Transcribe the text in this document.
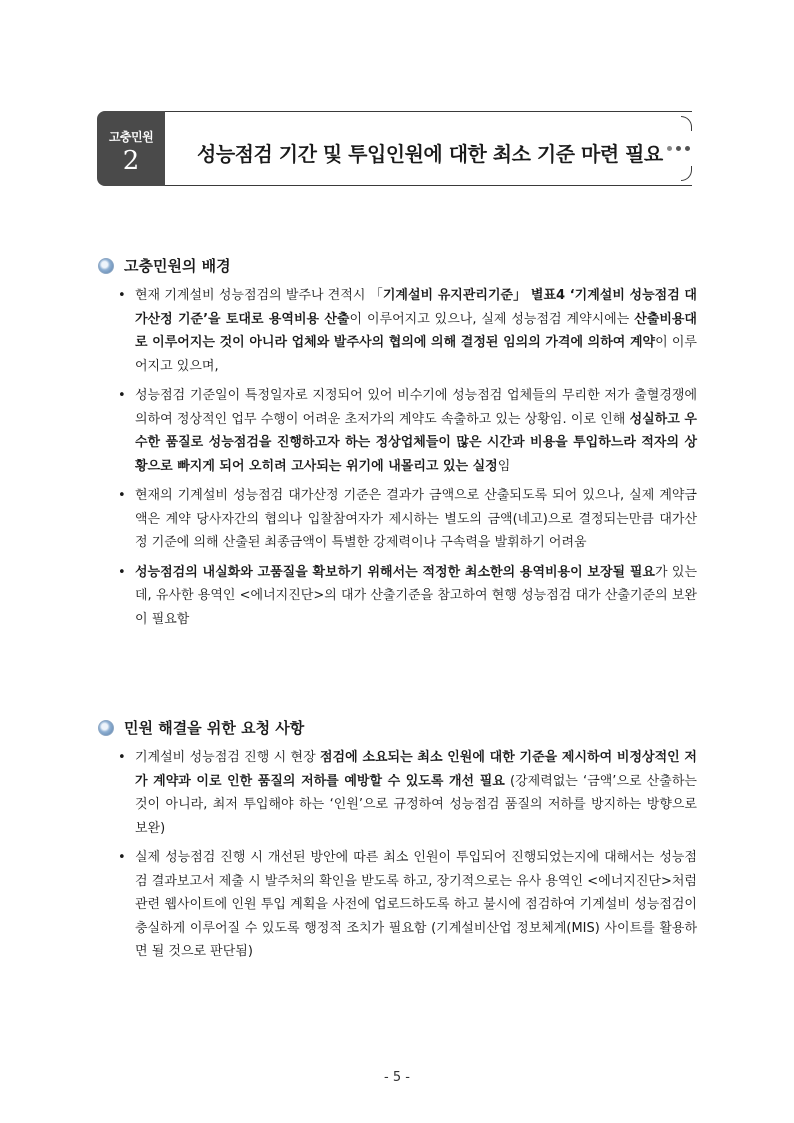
고충민원
2	성능점검 기간 및 투입인원에 대한 최소 기준 마련 필요
고충민원의 배경
• 현재 기계설비 성능점검의 발주나 견적시 「기계설비 유지관리기준」 별표4 ‘기계설비 성능점검 대가산정 기준’을 토대로 용역비용 산출이 이루어지고 있으나, 실제 성능점검 계약시에는 산출비용대로 이루어지는 것이 아니라 업체와 발주사의 협의에 의해 결정된 임의의 가격에 의하여 계약이 이루어지고 있으며,
• 성능점검 기준일이 특정일자로 지정되어 있어 비수기에 성능점검 업체들의 무리한 저가 출혈경쟁에 의하여 정상적인 업무 수행이 어려운 초저가의 계약도 속출하고 있는 상황임. 이로 인해 성실하고 우수한 품질로 성능점검을 진행하고자 하는 정상업체들이 많은 시간과 비용을 투입하느라 적자의 상황으로 빠지게 되어 오히려 고사되는 위기에 내몰리고 있는 실정임
• 현재의 기계설비 성능점검 대가산정 기준은 결과가 금액으로 산출되도록 되어 있으나, 실제 계약금액은 계약 당사자간의 협의나 입찰참여자가 제시하는 별도의 금액(네고)으로 결정되는만큼 대가산정 기준에 의해 산출된 최종금액이 특별한 강제력이나 구속력을 발휘하기 어려움
• 성능점검의 내실화와 고품질을 확보하기 위해서는 적정한 최소한의 용역비용이 보장될 필요가 있는데, 유사한 용역인 <에너지진단>의 대가 산출기준을 참고하여 현행 성능점검 대가 산출기준의 보완이 필요함
민원 해결을 위한 요청 사항
• 기계설비 성능점검 진행 시 현장 점검에 소요되는 최소 인원에 대한 기준을 제시하여 비정상적인 저가 계약과 이로 인한 품질의 저하를 예방할 수 있도록 개선 필요 (강제력없는 ‘금액’으로 산출하는 것이 아니라, 최저 투입해야 하는 ‘인원’으로 규정하여 성능점검 품질의 저하를 방지하는 방향으로 보완)
• 실제 성능점검 진행 시 개선된 방안에 따른 최소 인원이 투입되어 진행되었는지에 대해서는 성능점검 결과보고서 제출 시 발주처의 확인을 받도록 하고, 장기적으로는 유사 용역인 <에너지진단>처럼 관련 웹사이트에 인원 투입 계획을 사전에 업로드하도록 하고 불시에 점검하여 기계설비 성능점검이 충실하게 이루어질 수 있도록 행정적 조치가 필요함 (기계설비산업 정보체계(MIS) 사이트를 활용하면 될 것으로 판단됨)
- 5 -
